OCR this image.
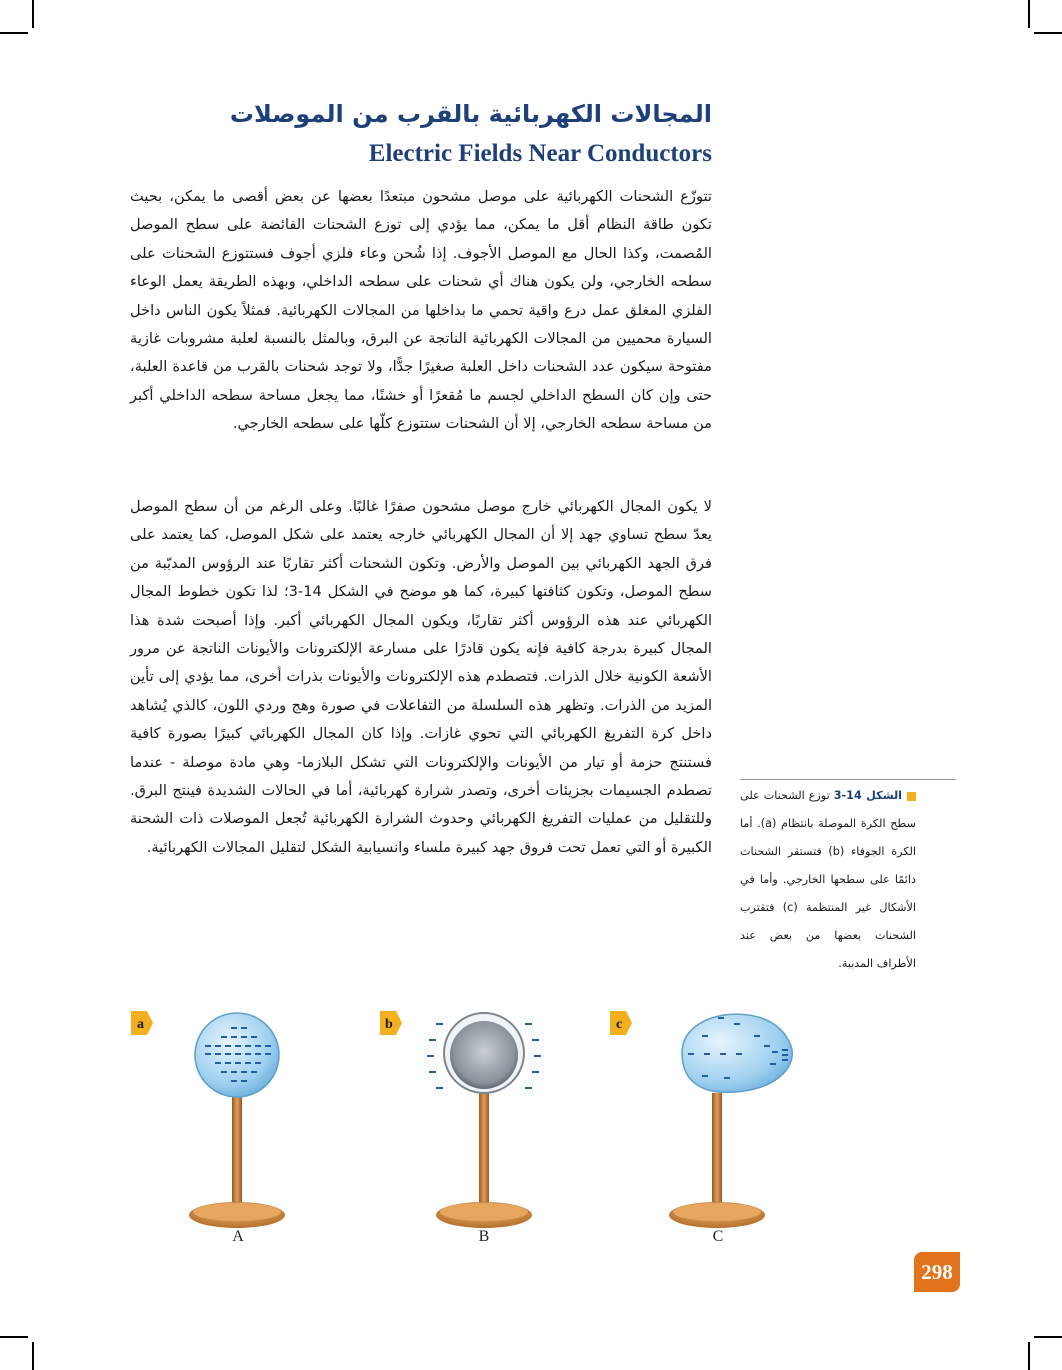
المجالات الكهربائية بالقرب من الموصلات
Electric Fields Near Conductors

تتوزّع الشحنات الكهربائية على موصل مشحون مبتعدًا بعضها عن بعض أقصى ما يمكن، بحيث تكون طاقة النظام أقل ما يمكن، مما يؤدي إلى توزع الشحنات الفائضة على سطح الموصل المُصمت، وكذا الحال مع الموصل الأجوف. إذا شُحن وعاء فلزي أجوف فستتوزع الشحنات على سطحه الخارجي، ولن يكون هناك أي شحنات على سطحه الداخلي، وبهذه الطريقة يعمل الوعاء الفلزي المغلق عمل درع واقية تحمي ما بداخلها من المجالات الكهربائية. فمثلاً يكون الناس داخل السيارة محميين من المجالات الكهربائية الناتجة عن البرق، وبالمثل بالنسبة لعلبة مشروبات غازية مفتوحة سيكون عدد الشحنات داخل العلبة صغيرًا جدًّا، ولا توجد شحنات بالقرب من قاعدة العلبة، حتى وإن كان السطح الداخلي لجسم ما مُقعرًا أو خشنًا، مما يجعل مساحة سطحه الداخلي أكبر من مساحة سطحه الخارجي، إلا أن الشحنات ستتوزع كلّها على سطحه الخارجي.

لا يكون المجال الكهربائي خارج موصل مشحون صفرًا غالبًا. وعلى الرغم من أن سطح الموصل يعدّ سطح تساوي جهد إلا أن المجال الكهربائي خارجه يعتمد على شكل الموصل، كما يعتمد على فرق الجهد الكهربائي بين الموصل والأرض. وتكون الشحنات أكثر تقاربًا عند الرؤوس المدبّبة من سطح الموصل، وتكون كثافتها كبيرة، كما هو موضح في الشكل 14-3؛ لذا تكون خطوط المجال الكهربائي عند هذه الرؤوس أكثر تقاربًا، ويكون المجال الكهربائي أكبر. وإذا أصبحت شدة هذا المجال كبيرة بدرجة كافية فإنه يكون قادرًا على مسارعة الإلكترونات والأيونات الناتجة عن مرور الأشعة الكونية خلال الذرات. فتصطدم هذه الإلكترونات والأيونات بذرات أخرى، مما يؤدي إلى تأين المزيد من الذرات. وتظهر هذه السلسلة من التفاعلات في صورة وهج وردي اللون، كالذي يُشاهد داخل كرة التفريغ الكهربائي التي تحوي غازات. وإذا كان المجال الكهربائي كبيرًا بصورة كافية فستنتج حزمة أو تيار من الأيونات والإلكترونات التي تشكل البلازما- وهي مادة موصلة - عندما تصطدم الجسيمات بجزيئات أخرى، وتصدر شرارة كهربائية، أما في الحالات الشديدة فينتج البرق. وللتقليل من عمليات التفريغ الكهربائي وحدوث الشرارة الكهربائية تُجعل الموصلات ذات الشحنة الكبيرة أو التي تعمل تحت فروق جهد كبيرة ملساء وانسيابية الشكل لتقليل المجالات الكهربائية.

الشكل 14-3 توزع الشحنات على سطح الكرة الموصلة بانتظام (a). أما الكرة الجوفاء (b) فتستقر الشحنات دائمًا على سطحها الخارجي. وأما في الأشكال غير المنتظمة (c) فتقترب الشحنات بعضها من بعض عند الأطراف المدببة.
a
A
b
B
c
C
298
